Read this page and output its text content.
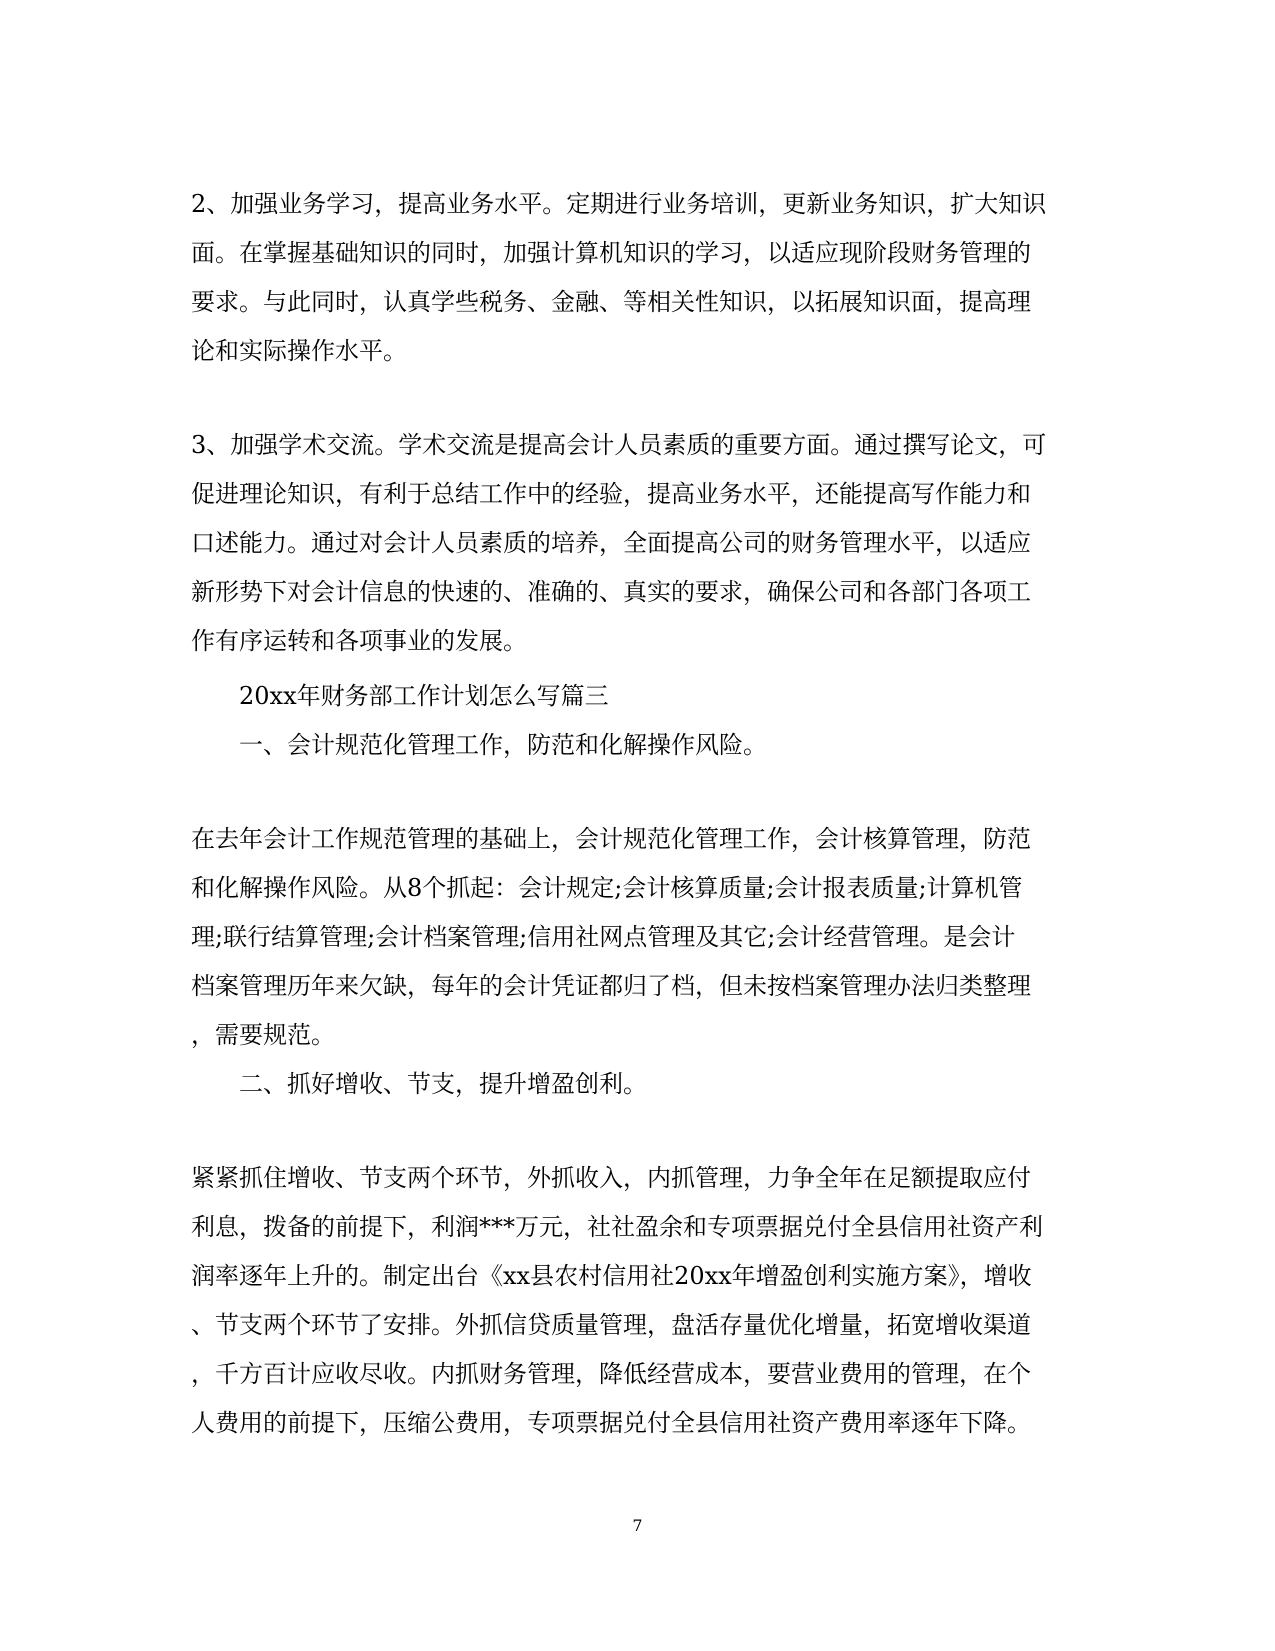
2、加强业务学习，提高业务水平。定期进行业务培训，更新业务知识，扩大知识
面。在掌握基础知识的同时，加强计算机知识的学习，以适应现阶段财务管理的
要求。与此同时，认真学些税务、金融、等相关性知识，以拓展知识面，提高理
论和实际操作水平。
3、加强学术交流。学术交流是提高会计人员素质的重要方面。通过撰写论文，可
促进理论知识，有利于总结工作中的经验，提高业务水平，还能提高写作能力和
口述能力。通过对会计人员素质的培养，全面提高公司的财务管理水平，以适应
新形势下对会计信息的快速的、准确的、真实的要求，确保公司和各部门各项工
作有序运转和各项事业的发展。
20xx年财务部工作计划怎么写篇三
一、会计规范化管理工作，防范和化解操作风险。
在去年会计工作规范管理的基础上，会计规范化管理工作，会计核算管理，防范
和化解操作风险。从8个抓起：会计规定;会计核算质量;会计报表质量;计算机管
理;联行结算管理;会计档案管理;信用社网点管理及其它;会计经营管理。是会计
档案管理历年来欠缺，每年的会计凭证都归了档，但未按档案管理办法归类整理
，需要规范。
二、抓好增收、节支，提升增盈创利。
紧紧抓住增收、节支两个环节，外抓收入，内抓管理，力争全年在足额提取应付
利息，拨备的前提下，利润***万元，社社盈余和专项票据兑付全县信用社资产利
润率逐年上升的。制定出台《xx县农村信用社20xx年增盈创利实施方案》，增收
、节支两个环节了安排。外抓信贷质量管理，盘活存量优化增量，拓宽增收渠道
，千方百计应收尽收。内抓财务管理，降低经营成本，要营业费用的管理，在个
人费用的前提下，压缩公费用，专项票据兑付全县信用社资产费用率逐年下降。
7
